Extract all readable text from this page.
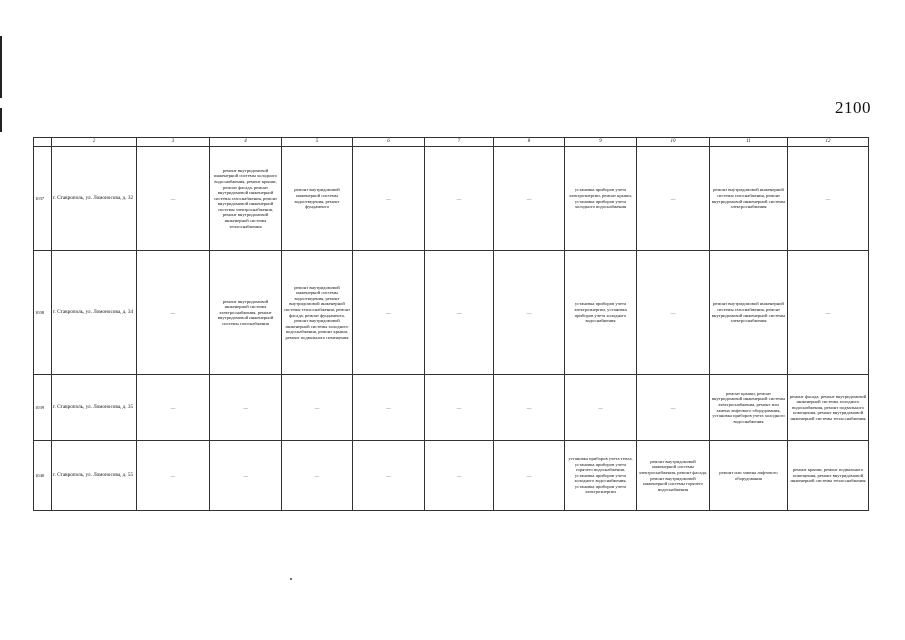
2100
	2	3	4	5	6	7	8	9	10	11	12
1037	г. Ставрополь, ул. Ломоносова, д. 32	—	ремонт внутридомовой инженерной системы холодного водоснабжения, ремонт крыши, ремонт фасада, ремонт внутридомовой инженерной системы газоснабжения, ремонт внутридомовой инженерной системы электроснабжения, ремонт внутридомовой инженерной системы теплоснабжения	ремонт внутридомовой инженерной системы водоотведения, ремонт фундамента	—	—	—	установка приборов учета электроэнергии, ремонт крыши, установка приборов учета холодного водоснабжения	—	ремонт внутридомовой инженерной системы газоснабжения, ремонт внутридомовой инженерной системы электроснабжения	—
1038	г. Ставрополь, ул. Ломоносова, д. 34	—	ремонт внутридомовой инженерной системы электроснабжения, ремонт внутридомовой инженерной системы газоснабжения	ремонт внутридомовой инженерной системы водоотведения, ремонт внутридомовой инженерной системы теплоснабжения, ремонт фасада, ремонт фундамента, ремонт внутридомовой инженерной системы холодного водоснабжения, ремонт крыши, ремонт подвального помещения	—	—	—	установка приборов учета электроэнергии, установка приборов учета холодного водоснабжения	—	ремонт внутридомовой инженерной системы газоснабжения, ремонт внутридомовой инженерной системы электроснабжения	—
1039	г. Ставрополь, ул. Ломоносова, д. 35	—	—	—	—	—	—	—	—	ремонт крыши, ремонт внутридомовой инженерной системы электроснабжения, ремонт или замена лифтового оборудования, установка приборов учета холодного водоснабжения	ремонт фасада, ремонт внутридомовой инженерной системы холодного водоснабжения, ремонт подвального помещения, ремонт внутридомовой инженерной системы теплоснабжения
1040	г. Ставрополь, ул. Ломоносова, д. 55	—	—	—	—	—	—	установка приборов учета тепла, установка приборов учета горячего водоснабжения, установка приборов учета холодного водоснабжения, установка приборов учета электроэнергии	ремонт внутридомовой инженерной системы электроснабжения, ремонт фасада, ремонт внутридомовой инженерной системы горячего водоснабжения	ремонт или замена лифтового оборудования	ремонт крыши, ремонт подвального помещения, ремонт внутридомовой инженерной системы теплоснабжения
